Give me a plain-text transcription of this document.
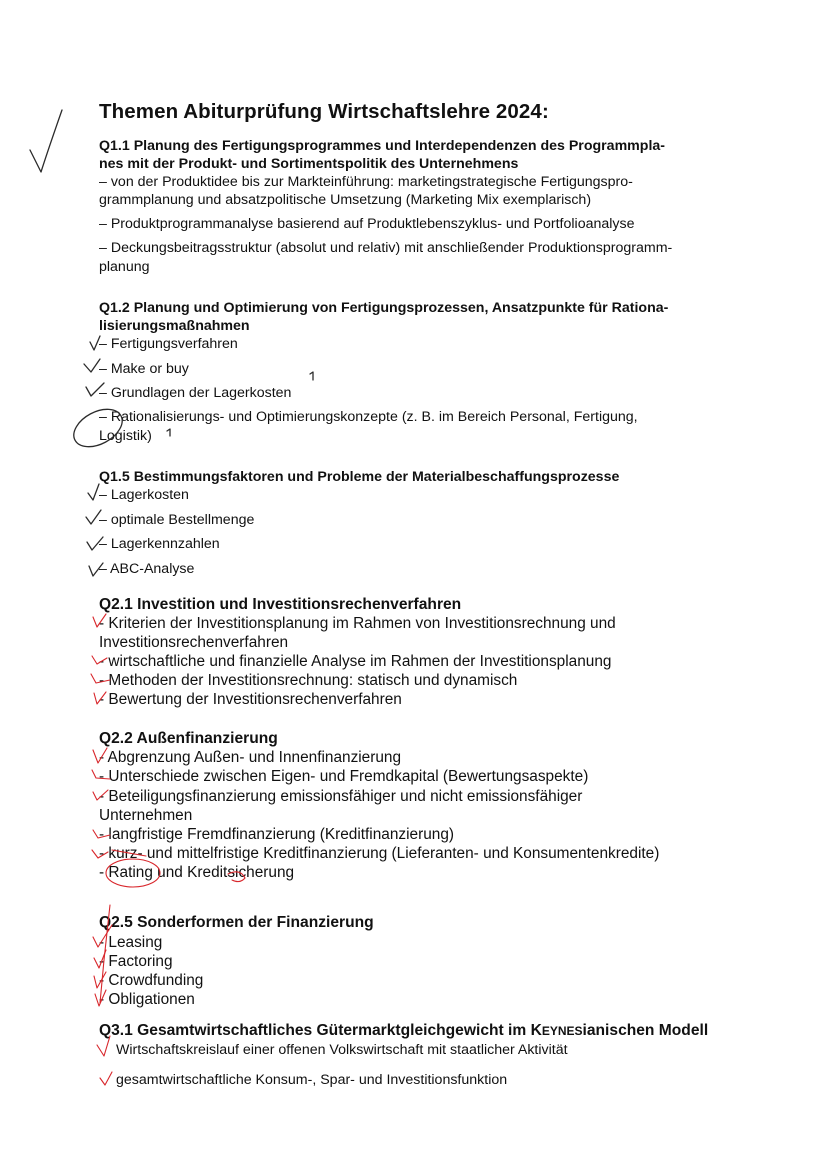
Themen Abiturprüfung Wirtschaftslehre 2024:
Q1.1 Planung des Fertigungsprogrammes und Interdependenzen des Programmpla-
nes mit der Produkt- und Sortimentspolitik des Unternehmens
– von der Produktidee bis zur Markteinführung: marketingstrategische Fertigungspro-
grammplanung und absatzpolitische Umsetzung (Marketing Mix exemplarisch)
– Produktprogrammanalyse basierend auf Produktlebenszyklus- und Portfolioanalyse
– Deckungsbeitragsstruktur (absolut und relativ) mit anschließender Produktionsprogramm-
planung
Q1.2 Planung und Optimierung von Fertigungsprozessen, Ansatzpunkte für Rationa-
lisierungsmaßnahmen
– Fertigungsverfahren
– Make or buy
– Grundlagen der Lagerkosten
– Rationalisierungs- und Optimierungskonzepte (z. B. im Bereich Personal, Fertigung,
Logistik)
Q1.5 Bestimmungsfaktoren und Probleme der Materialbeschaffungsprozesse
– Lagerkosten
– optimale Bestellmenge
– Lagerkennzahlen
– ABC-Analyse
Q2.1 Investition und Investitionsrechenverfahren
- Kriterien der Investitionsplanung im Rahmen von Investitionsrechnung und
Investitionsrechenverfahren
- wirtschaftliche und finanzielle Analyse im Rahmen der Investitionsplanung
- Methoden der Investitionsrechnung: statisch und dynamisch
- Bewertung der Investitionsrechenverfahren
Q2.2 Außenfinanzierung
- Abgrenzung Außen- und Innenfinanzierung
- Unterschiede zwischen Eigen- und Fremdkapital (Bewertungsaspekte)
- Beteiligungsfinanzierung emissionsfähiger und nicht emissionsfähiger
Unternehmen
- langfristige Fremdfinanzierung (Kreditfinanzierung)
- kurz- und mittelfristige Kreditfinanzierung (Lieferanten- und Konsumentenkredite)
- Rating und Kreditsicherung
Q2.5 Sonderformen der Finanzierung
- Leasing
- Factoring
- Crowdfunding
- Obligationen
Q3.1 Gesamtwirtschaftliches Gütermarktgleichgewicht im KEYNESianischen Modell
Wirtschaftskreislauf einer offenen Volkswirtschaft mit staatlicher Aktivität
gesamtwirtschaftliche Konsum-, Spar- und Investitionsfunktion
